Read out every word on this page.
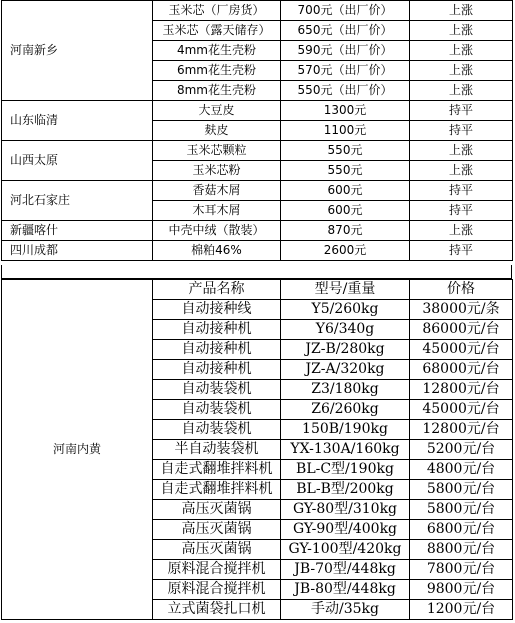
河南新乡	玉米芯（厂房货）	700元（出厂价）	上涨
	玉米芯（露天储存）	650元（出厂价）	上涨
	4mm花生壳粉	590元（出厂价）	上涨
	6mm花生壳粉	570元（出厂价）	上涨
	8mm花生壳粉	550元（出厂价）	上涨
山东临清	大豆皮	1300元	持平
	麸皮	1100元	持平
山西太原	玉米芯颗粒	550元	上涨
	玉米芯粉	550元	上涨
河北石家庄	香菇木屑	600元	持平
	木耳木屑	600元	持平
新疆喀什	中壳中绒（散装）	870元	上涨
四川成都	棉粕46%	2600元	持平
河南内黄	产品名称	型号/重量	价格
	自动接种线	Y5/260kg	38000元/条
	自动接种机	Y6/340g	86000元/台
	自动接种机	JZ-B/280kg	45000元/台
	自动接种机	JZ-A/320kg	68000元/台
	自动装袋机	Z3/180kg	12800元/台
	自动装袋机	Z6/260kg	45000元/台
	自动装袋机	150B/190kg	12800元/台
	半自动装袋机	YX-130A/160kg	5200元/台
	自走式翻堆拌料机	BL-C型/190kg	4800元/台
	自走式翻堆拌料机	BL-B型/200kg	5800元/台
	高压灭菌锅	GY-80型/310kg	5800元/台
	高压灭菌锅	GY-90型/400kg	6800元/台
	高压灭菌锅	GY-100型/420kg	8800元/台
	原料混合搅拌机	JB-70型/448kg	7800元/台
	原料混合搅拌机	JB-80型/448kg	9800元/台
	立式菌袋扎口机	手动/35kg	1200元/台
